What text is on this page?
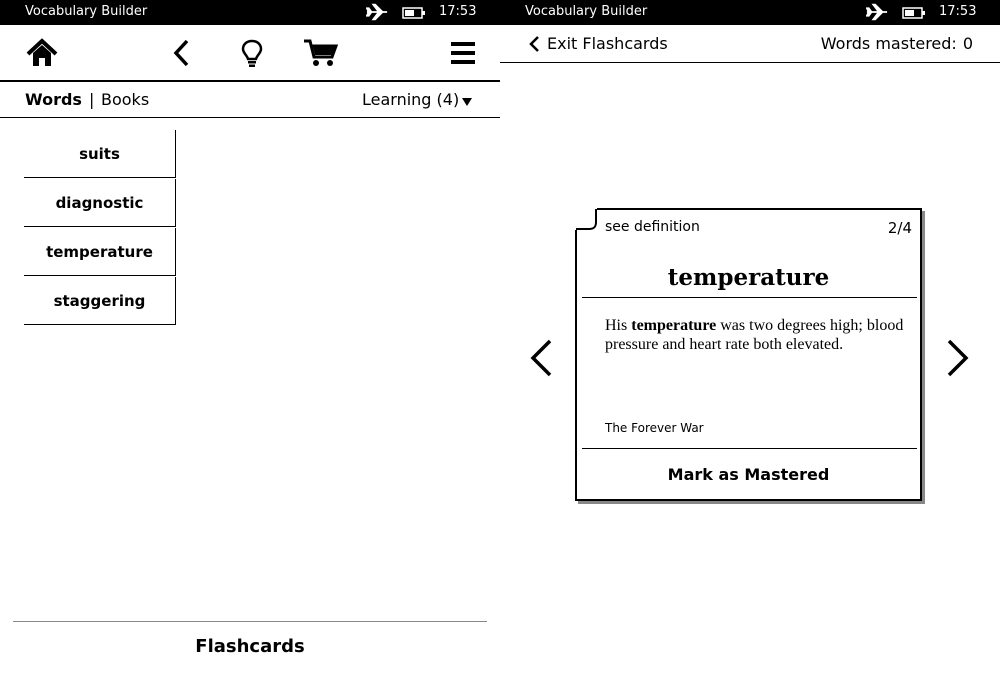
Vocabulary Builder	17:53
Words | Books	Learning (4)
suits
diagnostic
temperature
staggering
Flashcards
Vocabulary Builder	17:53
Exit Flashcards	Words mastered: 0
see definition	2/4
temperature
His temperature was two degrees high; blood pressure and heart rate both elevated.
The Forever War
Mark as Mastered
